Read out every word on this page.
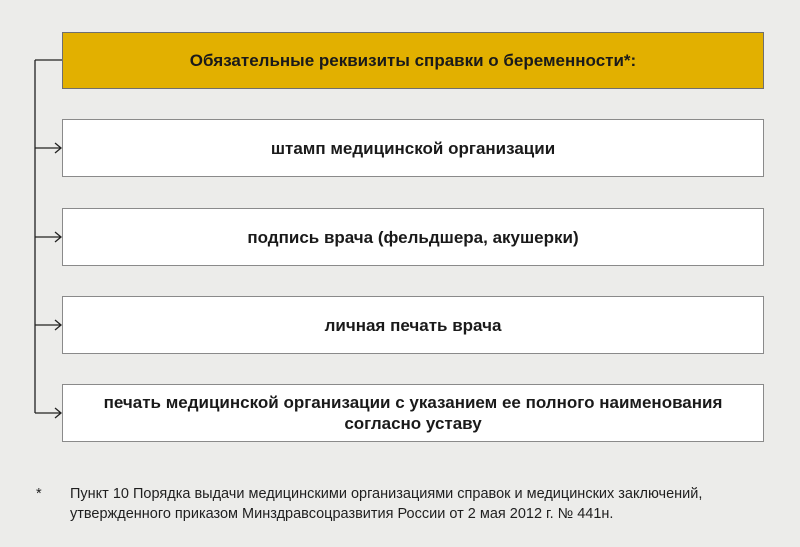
Обязательные реквизиты справки о беременности*:
штамп медицинской организации
подпись врача (фельдшера, акушерки)
личная печать врача
печать медицинской организации с указанием ее полного наименования согласно уставу
*	Пункт 10 Порядка выдачи медицинскими организациями справок и медицинских заключений, утвержденного приказом Минздравсоцразвития России от 2 мая 2012 г. № 441н.
